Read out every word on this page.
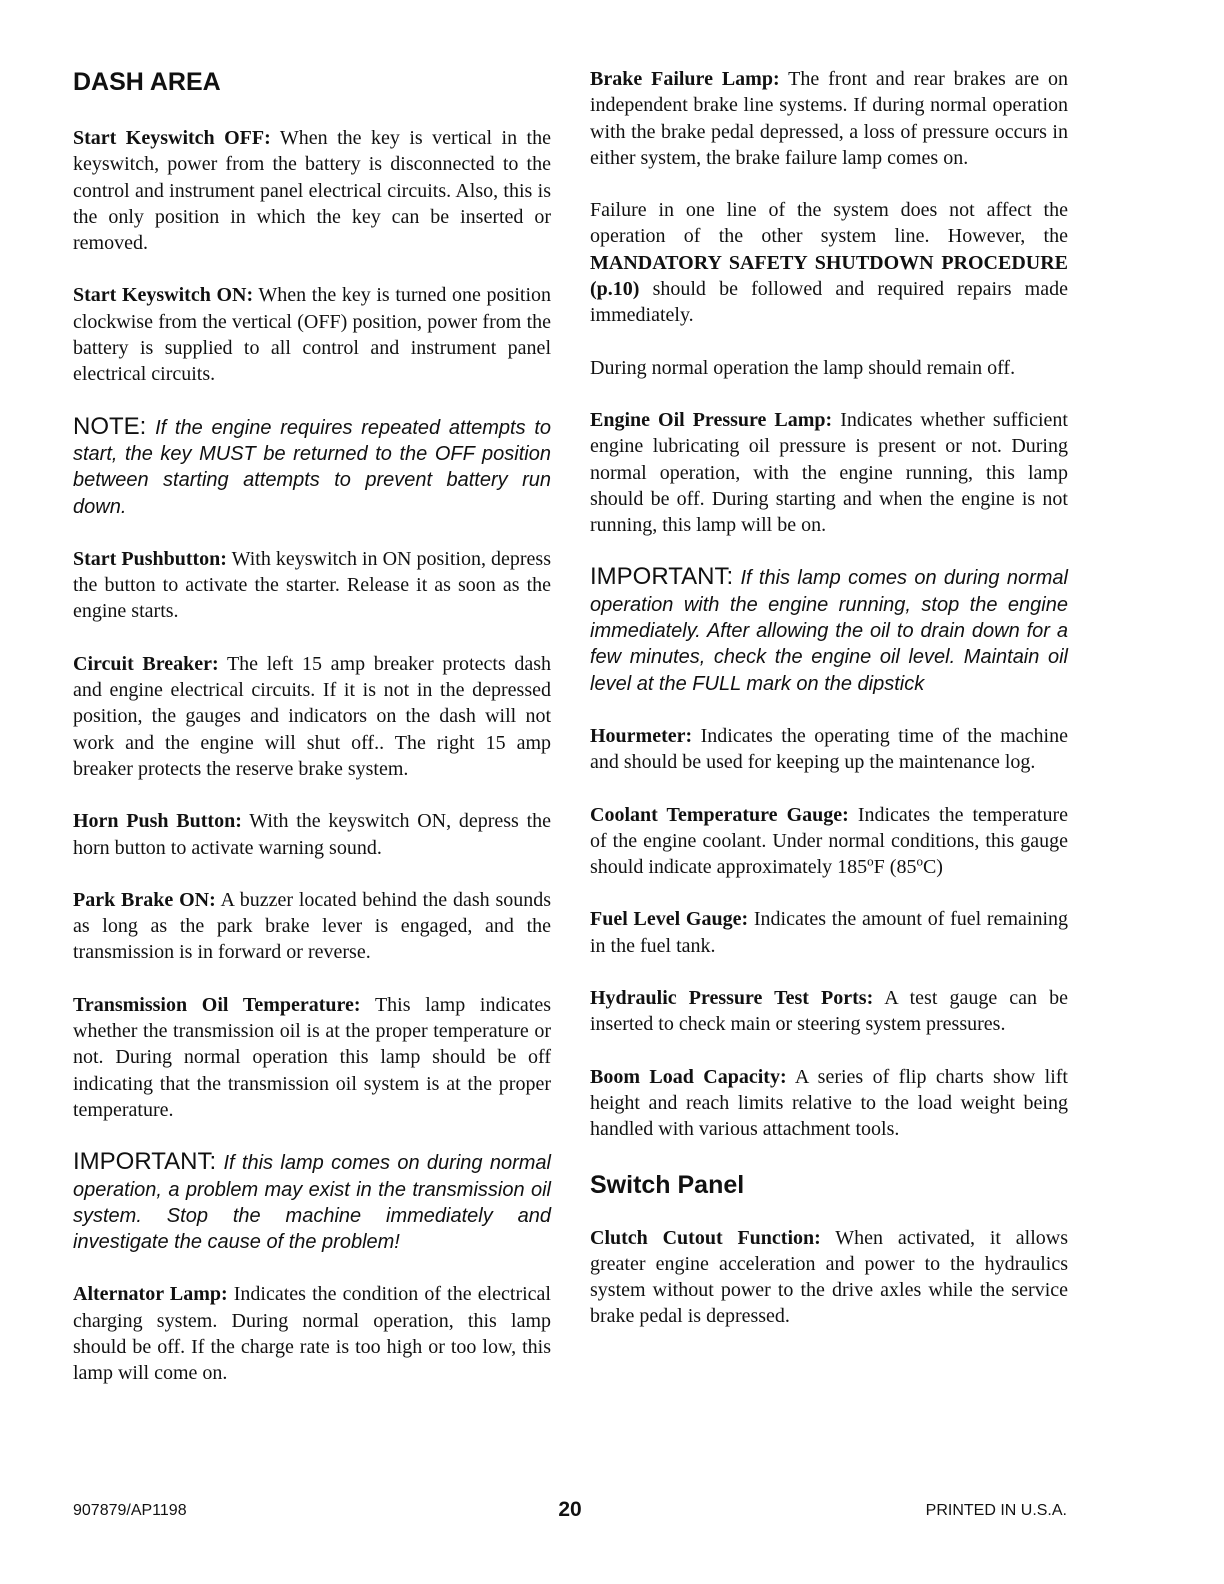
DASH AREA

Start Keyswitch OFF: When the key is vertical in the keyswitch, power from the battery is disconnected to the control and instrument panel electrical circuits. Also, this is the only position in which the key can be inserted or removed.

Start Keyswitch ON: When the key is turned one position clockwise from the vertical (OFF) position, power from the battery is supplied to all control and instrument panel electrical circuits.

NOTE: If the engine requires repeated attempts to start, the key MUST be returned to the OFF position between starting attempts to prevent battery run down.

Start Pushbutton: With keyswitch in ON position, depress the button to activate the starter. Release it as soon as the engine starts.

Circuit Breaker: The left 15 amp breaker protects dash and engine electrical circuits. If it is not in the depressed position, the gauges and indicators on the dash will not work and the engine will shut off.. The right 15 amp breaker protects the reserve brake system.

Horn Push Button: With the keyswitch ON, depress the horn button to activate warning sound.

Park Brake ON: A buzzer located behind the dash sounds as long as the park brake lever is engaged, and the transmission is in forward or reverse.

Transmission Oil Temperature: This lamp indicates whether the transmission oil is at the proper temperature or not. During normal operation this lamp should be off indicating that the transmission oil system is at the proper temperature.

IMPORTANT: If this lamp comes on during normal operation, a problem may exist in the transmission oil system. Stop the machine immediately and investigate the cause of the problem!

Alternator Lamp: Indicates the condition of the electrical charging system. During normal operation, this lamp should be off. If the charge rate is too high or too low, this lamp will come on.

Brake Failure Lamp: The front and rear brakes are on independent brake line systems. If during normal operation with the brake pedal depressed, a loss of pressure occurs in either system, the brake failure lamp comes on.

Failure in one line of the system does not affect the operation of the other system line. However, the MANDATORY SAFETY SHUTDOWN PROCEDURE (p.10) should be followed and required repairs made immediately.

During normal operation the lamp should remain off.

Engine Oil Pressure Lamp: Indicates whether sufficient engine lubricating oil pressure is present or not. During normal operation, with the engine running, this lamp should be off. During starting and when the engine is not running, this lamp will be on.

IMPORTANT: If this lamp comes on during normal operation with the engine running, stop the engine immediately. After allowing the oil to drain down for a few minutes, check the engine oil level. Maintain oil level at the FULL mark on the dipstick

Hourmeter: Indicates the operating time of the machine and should be used for keeping up the maintenance log.

Coolant Temperature Gauge: Indicates the temperature of the engine coolant. Under normal conditions, this gauge should indicate approximately 185$^o$F (85$^o$C)

Fuel Level Gauge: Indicates the amount of fuel remaining in the fuel tank.

Hydraulic Pressure Test Ports: A test gauge can be inserted to check main or steering system pressures.

Boom Load Capacity: A series of flip charts show lift height and reach limits relative to the load weight being handled with various attachment tools.

Switch Panel

Clutch Cutout Function: When activated, it allows greater engine acceleration and power to the hydraulics system without power to the drive axles while the service brake pedal is depressed.

907879/AP1198	20	PRINTED IN U.S.A.
